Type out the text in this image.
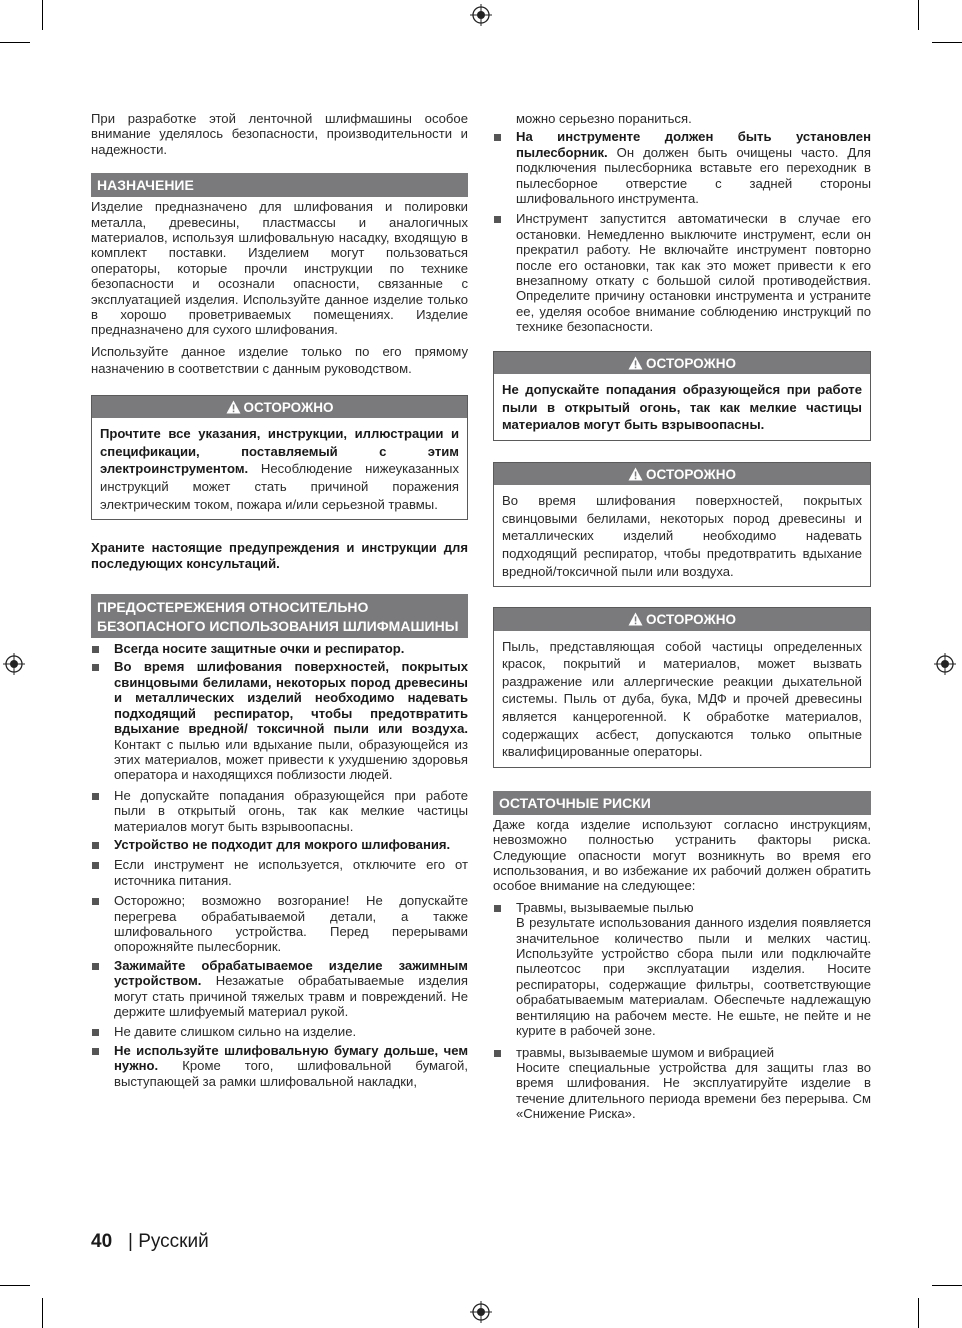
При разработке этой ленточной шлифмашины особое внимание уделялось безопасности, производительности и надежности.

НАЗНАЧЕНИЕ

Изделие предназначено для шлифования и полировки металла, древесины, пластмассы и аналогичных материалов, используя шлифовальную насадку, входящую в комплект поставки. Изделием могут пользоваться операторы, которые прочли инструкции по технике безопасности и осознали опасности, связанные с эксплуатацией изделия. Используйте данное изделие только в хорошо проветриваемых помещениях. Изделие предназначено для сухого шлифования.

Используйте данное изделие только по его прямому назначению в соответствии с данным руководством.

ОСТОРОЖНО
Прочтите все указания, инструкции, иллюстрации и спецификации, поставляемый с этим электроинструментом. Несоблюдение нижеуказанных инструкций может стать причиной поражения электрическим током, пожара и/или серьезной травмы.

Храните настоящие предупреждения и инструкции для последующих консультаций.

ПРЕДОСТЕРЕЖЕНИЯ ОТНОСИТЕЛЬНО БЕЗОПАСНОГО ИСПОЛЬЗОВАНИЯ ШЛИФМАШИНЫ
Всегда носите защитные очки и респиратор.
Во время шлифования поверхностей, покрытых свинцовыми белилами, некоторых пород древесины и металлических изделий необходимо надевать подходящий респиратор, чтобы предотвратить вдыхание вредной/ токсичной пыли или воздуха. Контакт с пылью или вдыхание пыли, образующейся из этих материалов, может привести к ухудшению здоровья оператора и находящихся поблизости людей.
Не допускайте попадания образующейся при работе пыли в открытый огонь, так как мелкие частицы материалов могут быть взрывоопасны.
Устройство не подходит для мокрого шлифования.
Если инструмент не используется, отключите его от источника питания.
Осторожно; возможно возгорание! Не допускайте перегрева обрабатываемой детали, а также шлифовального устройства. Перед перерывами опорожняйте пылесборник.
Зажимайте обрабатываемое изделие зажимным устройством. Незажатые обрабатываемые изделия могут стать причиной тяжелых травм и повреждений. Не держите шлифуемый материал рукой.
Не давите слишком сильно на изделие.
Не используйте шлифовальную бумагу дольше, чем нужно. Кроме того, шлифовальной бумагой, выступающей за рамки шлифовальной накладки,

можно серьезно пораниться.

На инструменте должен быть установлен пылесборник. Он должен быть очищены часто. Для подключения пылесборника вставьте его переходник в пылесборное отверстие с задней стороны шлифовального инструмента.
Инструмент запустится автоматически в случае его остановки. Немедленно выключите инструмент, если он прекратил работу. Не включайте инструмент повторно после его остановки, так как это может привести к его внезапному откату с большой силой противодействия. Определите причину остановки инструмента и устраните ее, уделяя особое внимание соблюдению инструкций по технике безопасности.
ОСТОРОЖНО
Не допускайте попадания образующейся при работе пыли в открытый огонь, так как мелкие частицы материалов могут быть взрывоопасны.
ОСТОРОЖНО
Во время шлифования поверхностей, покрытых свинцовыми белилами, некоторых пород древесины и металлических изделий необходимо надевать подходящий респиратор, чтобы предотвратить вдыхание вредной/токсичной пыли или воздуха.
ОСТОРОЖНО
Пыль, представляющая собой частицы определенных красок, покрытий и материалов, может вызвать раздражение или аллергические реакции дыхательной системы. Пыль от дуба, бука, МДФ и прочей древесины является канцерогенной. К обработке материалов, содержащих асбест, допускаются только опытные квалифицированные операторы.
ОСТАТОЧНЫЕ РИСКИ

Даже когда изделие используют согласно инструкциям, невозможно полностью устранить факторы риска. Следующие опасности могут возникнуть во время его использования, и во избежание их рабочий должен обратить особое внимание на следующее:

Травмы, вызываемые пылью
В результате использования данного изделия появляется значительное количество пыли и мелких частиц. Используйте устройство сбора пыли или подключайте пылеотсос при эксплуатации изделия. Носите респираторы, содержащие фильтры, соответствующие обрабатываемым материалам. Обеспечьте надлежащую вентиляцию на рабочем месте. Не ешьте, не пейте и не курите в рабочей зоне.
травмы, вызываемые шумом и вибрацией
Носите специальные устройства для защиты глаз во время шлифования. Не эксплуатируйте изделие в течение длительного периода времени без перерыва. См «Снижение Риска».
40 | Русский
